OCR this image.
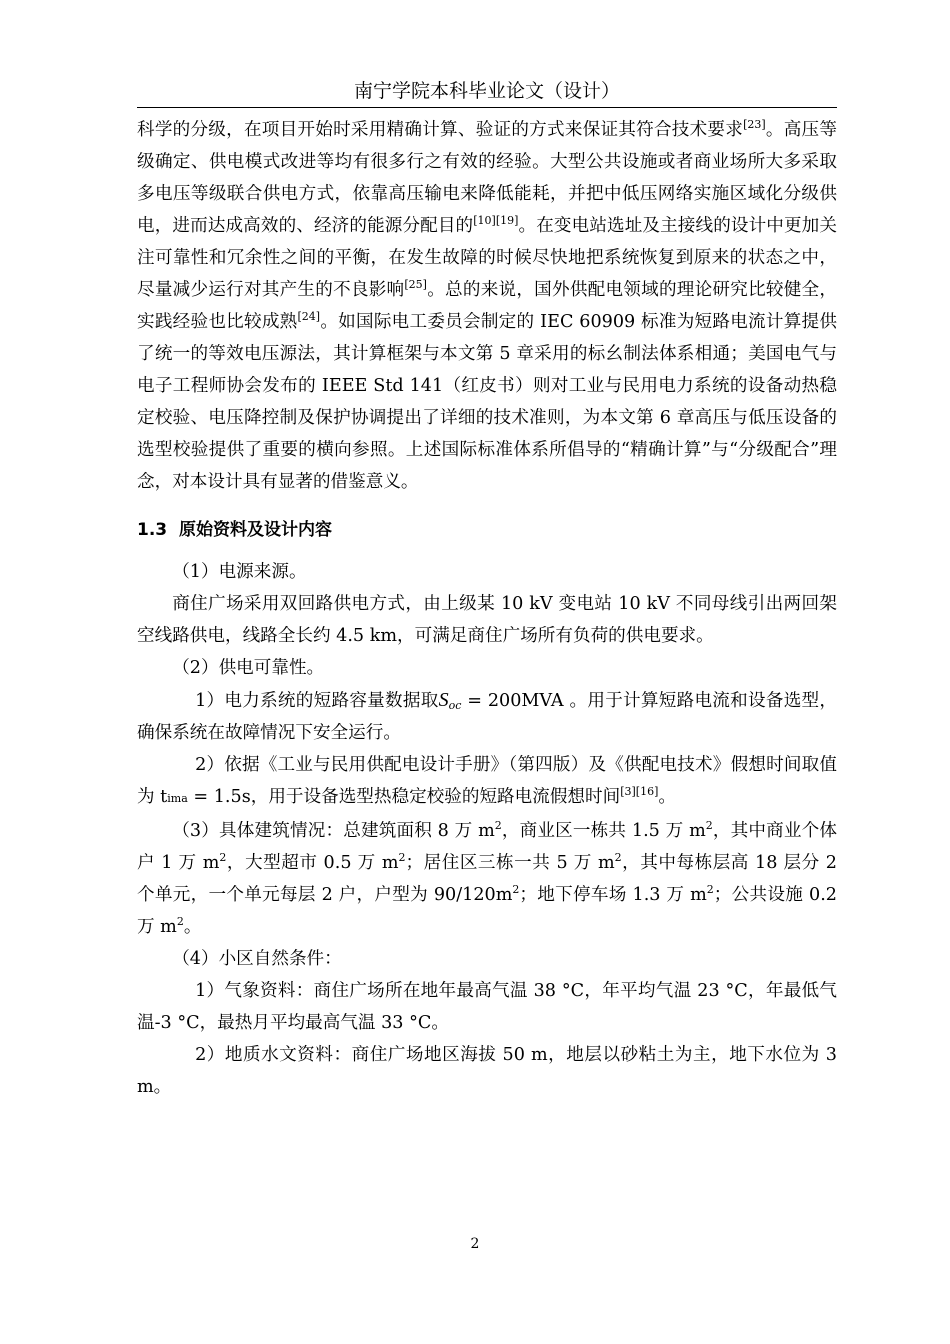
南宁学院本科毕业论文（设计）

科学的分级，在项目开始时采用精确计算、验证的方式来保证其符合技术要求[23]。高压等级确定、供电模式改进等均有很多行之有效的经验。大型公共设施或者商业场所大多采取多电压等级联合供电方式，依靠高压输电来降低能耗，并把中低压网络实施区域化分级供电，进而达成高效的、经济的能源分配目的[10][19]。在变电站选址及主接线的设计中更加关注可靠性和冗余性之间的平衡，在发生故障的时候尽快地把系统恢复到原来的状态之中，尽量减少运行对其产生的不良影响[25]。总的来说，国外供配电领域的理论研究比较健全，实践经验也比较成熟[24]。如国际电工委员会制定的 IEC 60909 标准为短路电流计算提供了统一的等效电压源法，其计算框架与本文第 5 章采用的标幺制法体系相通；美国电气与电子工程师协会发布的 IEEE Std 141（红皮书）则对工业与民用电力系统的设备动热稳定校验、电压降控制及保护协调提出了详细的技术准则，为本文第 6 章高压与低压设备的选型校验提供了重要的横向参照。上述国际标准体系所倡导的“精确计算”与“分级配合”理念，对本设计具有显著的借鉴意义。

1.3 原始资料及设计内容

（1）电源来源。

商住广场采用双回路供电方式，由上级某 10 kV 变电站 10 kV 不同母线引出两回架空线路供电，线路全长约 4.5 km，可满足商住广场所有负荷的供电要求。

（2）供电可靠性。

1）电力系统的短路容量数据取$S_{oc} = 200MVA$ 。用于计算短路电流和设备选型，确保系统在故障情况下安全运行。

2）依据《工业与民用供配电设计手册》（第四版）及《供配电技术》假想时间取值为 tima = 1.5s，用于设备选型热稳定校验的短路电流假想时间[3][16]。

（3）具体建筑情况：总建筑面积 8 万 $m^2$，商业区一栋共 1.5 万 $m^2$，其中商业个体户 1 万 $m^2$，大型超市 0.5 万 $m^2$；居住区三栋一共 5 万 $m^2$，其中每栋层高 18 层分 2 个单元，一个单元每层 2 户，户型为 $90/120m^2$；地下停车场 1.3 万 $m^2$；公共设施 0.2 万 $m^2$。

（4）小区自然条件：

1）气象资料：商住广场所在地年最高气温 38 °C，年平均气温 23 °C，年最低气温-3 °C，最热月平均最高气温 33 °C。

2）地质水文资料：商住广场地区海拔 50 m，地层以砂粘土为主，地下水位为 3 m。

2
